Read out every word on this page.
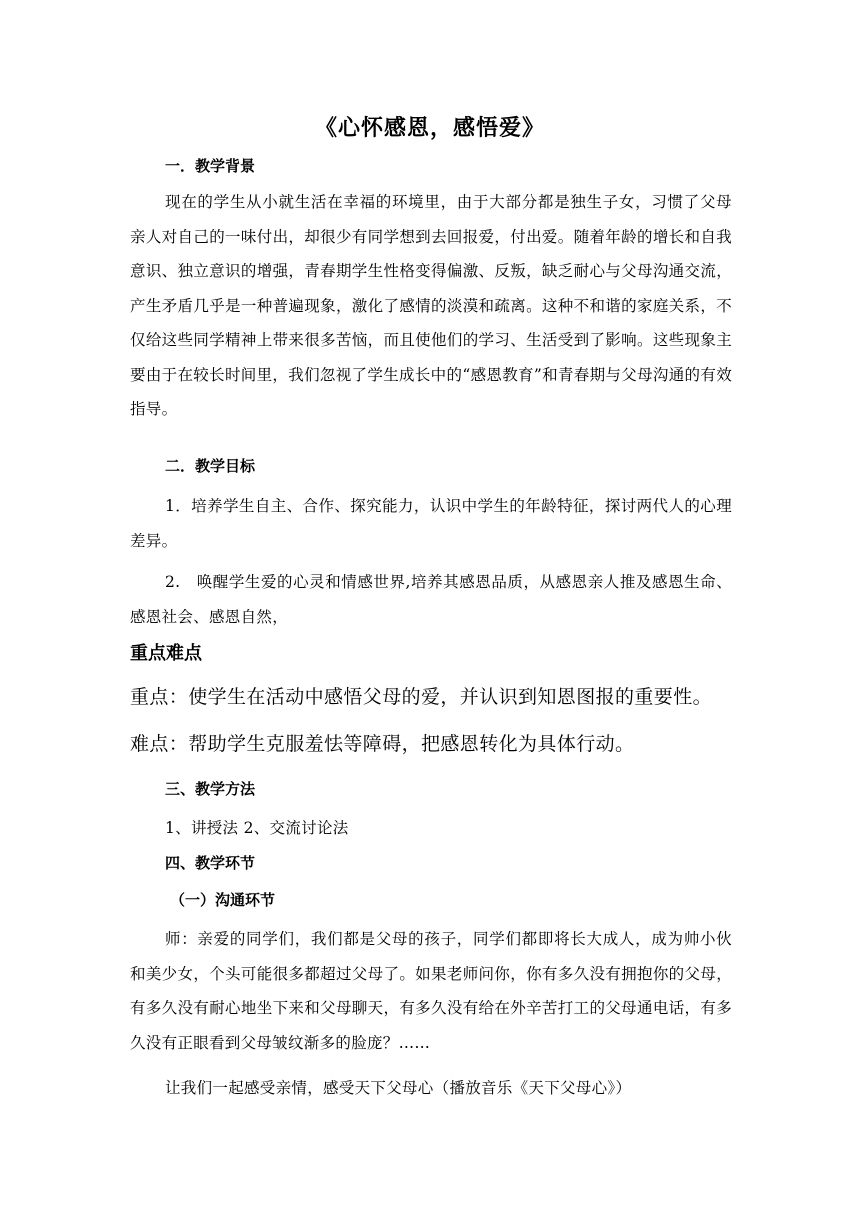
《心怀感恩，感悟爱》
一．教学背景
现在的学生从小就生活在幸福的环境里，由于大部分都是独生子女，习惯了父母亲人对自己的一味付出，却很少有同学想到去回报爱，付出爱。随着年龄的增长和自我意识、独立意识的增强，青春期学生性格变得偏激、反叛，缺乏耐心与父母沟通交流，产生矛盾几乎是一种普遍现象，激化了感情的淡漠和疏离。这种不和谐的家庭关系，不仅给这些同学精神上带来很多苦恼，而且使他们的学习、生活受到了影响。这些现象主要由于在较长时间里，我们忽视了学生成长中的“感恩教育”和青春期与父母沟通的有效指导。
二．教学目标
1．培养学生自主、合作、探究能力，认识中学生的年龄特征，探讨两代人的心理差异。
2.　唤醒学生爱的心灵和情感世界,培养其感恩品质，从感恩亲人推及感恩生命、感恩社会、感恩自然，
重点难点
重点：使学生在活动中感悟父母的爱，并认识到知恩图报的重要性。
难点：帮助学生克服羞怯等障碍，把感恩转化为具体行动。
三、教学方法
1、讲授法 2、交流讨论法
四、教学环节
（一）沟通环节
师：亲爱的同学们，我们都是父母的孩子，同学们都即将长大成人，成为帅小伙和美少女，个头可能很多都超过父母了。如果老师问你，你有多久没有拥抱你的父母，有多久没有耐心地坐下来和父母聊天，有多久没有给在外辛苦打工的父母通电话，有多久没有正眼看到父母皱纹渐多的脸庞？……
让我们一起感受亲情，感受天下父母心（播放音乐《天下父母心》）
